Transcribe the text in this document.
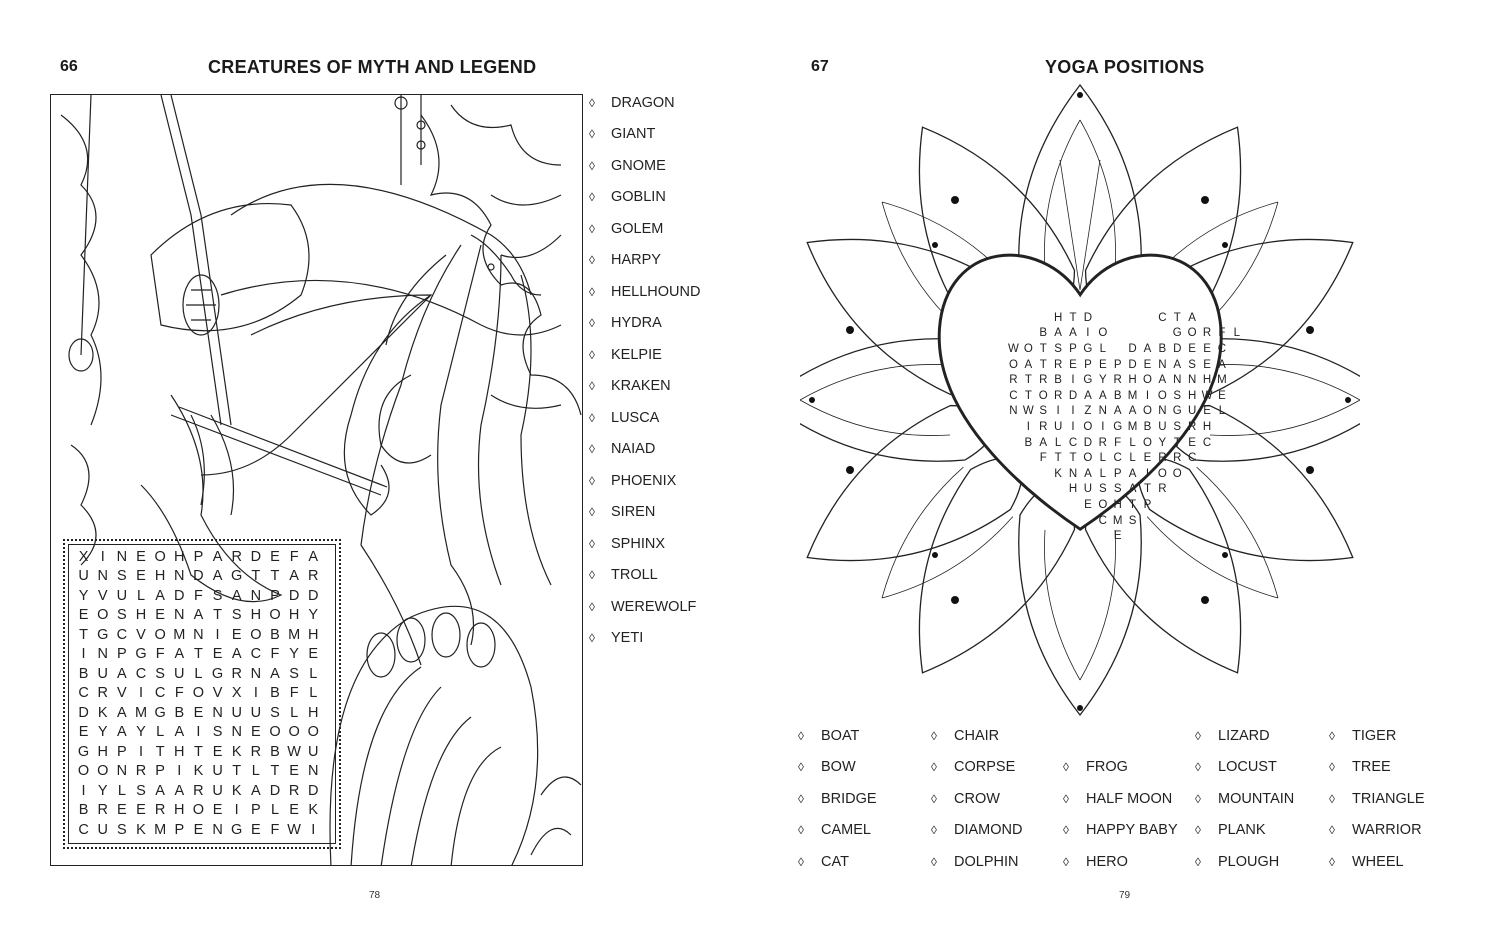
66	CREATURES OF MYTH AND LEGEND
X I N E O H P A R D E F A
U N S E H N D A G T T A R
Y V U L A D F S A N P D D
E O S H E N A T S H O H Y
T G C V O M N I E O B M H
I N P G F A T E A C F Y E
B U A C S U L G R N A S L
C R V I C F O V X I B F L
D K A M G B E N U U S L H
E Y A Y L A I S N E O O O
G H P I T H T E K R B W U
O O N R P I K U T L T E N
I Y L S A A R U K A D R D
B R E E R H O E I P L E K
C U S K M P E N G E F W I
◊	DRAGON
◊	GIANT
◊	GNOME
◊	GOBLIN
◊	GOLEM
◊	HARPY
◊	HELLHOUND
◊	HYDRA
◊	KELPIE
◊	KRAKEN
◊	LUSCA
◊	NAIAD
◊	PHOENIX
◊	SIREN
◊	SPHINX
◊	TROLL
◊	WEREWOLF
◊	YETI
78
67	YOGA POSITIONS
79
H T D	C T A
B A A I O	G O R F L
W O T S P G L	D A B D E E C
O A T R E P E P D E N A S E A
R T R B I G Y R H O A N N H M
C T O R D A A B M I O S H W E
N W S I	I Z N A A O N G U E L
I R U I O I G M B U S R H
B A L C D R F L O Y T E C
F T T O L C L E R R C
K N A L P A I O O
H U S S A T R
E O H T P
C M S
E
◊	BOAT
◊	BOW
◊	BRIDGE
◊	CAMEL
◊	CAT
◊	CHAIR
◊	CORPSE
◊	CROW
◊	DIAMOND
◊	DOLPHIN
◊	FROG
◊	HALF MOON
◊	HAPPY BABY
◊	HERO
◊	LIZARD
◊	LOCUST
◊	MOUNTAIN
◊	PLANK
◊	PLOUGH
◊	TIGER
◊	TREE
◊	TRIANGLE
◊	WARRIOR
◊	WHEEL
